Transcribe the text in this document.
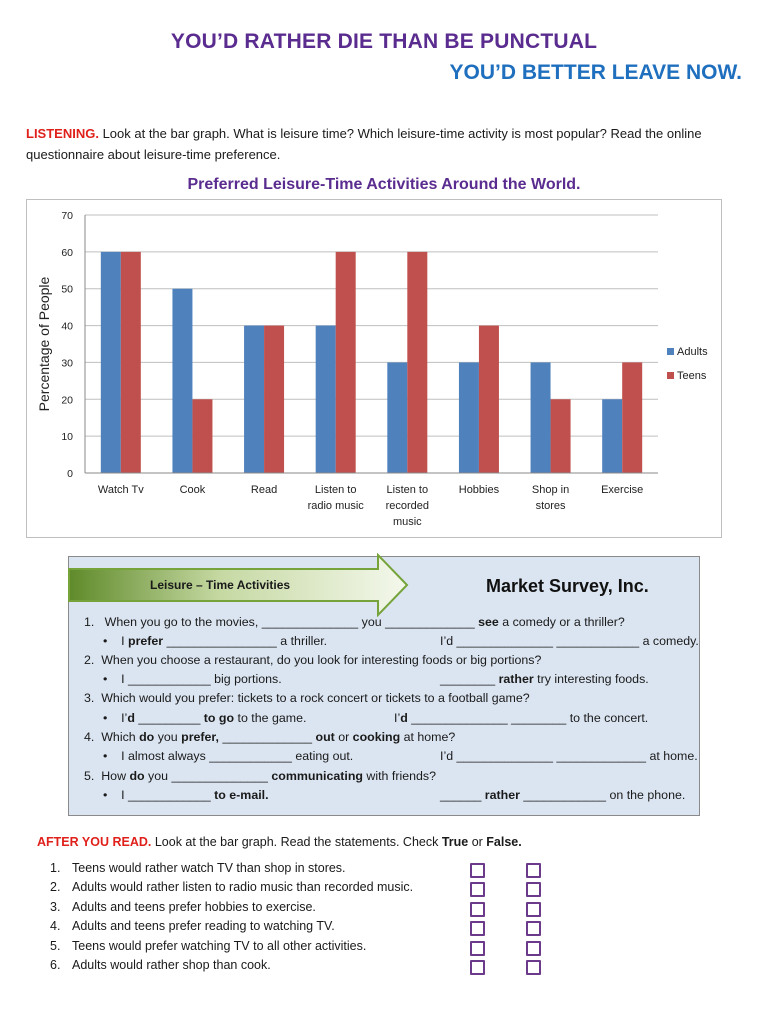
YOU’D RATHER DIE THAN BE PUNCTUAL
YOU’D BETTER LEAVE NOW.
LISTENING. Look at the bar graph. What is leisure time? Which leisure-time activity is most popular? Read the online questionnaire about leisure-time preference.
Preferred Leisure-Time Activities Around the World.
0
10
20
30
40
50
60
70
Percentage of People
Watch Tv	Cook	Read	Listen to
radio music
Listen to
recorded
music
Hobbies	Shop in
stores
Exercise
Adults
Teens
1. When you go to the movies, ______________ you _____________ see a comedy or a thriller?
•    I prefer ________________ a thriller.	I’d ______________ ____________ a comedy.
2. When you choose a restaurant, do you look for interesting foods or big portions?
•    I ____________ big portions.	________ rather try interesting foods.
3. Which would you prefer: tickets to a rock concert or tickets to a football game?
•    I’d _________ to go to the game.	I’d ______________ ________ to the concert.
4. Which do you prefer, _____________ out or cooking at home?
•    I almost always ____________ eating out.	I’d ______________ _____________ at home.
5. How do you ______________ communicating with friends?
•    I ____________ to e-mail.	______ rather ____________ on the phone.
Leisure – Time Activities	Market Survey, Inc.
AFTER YOU READ. Look at the bar graph. Read the statements. Check True or False.
1. Teens would rather watch TV than shop in stores.
2. Adults would rather listen to radio music than recorded music.
3. Adults and teens prefer hobbies to exercise.
4. Adults and teens prefer reading to watching TV.
5. Teens would prefer watching TV to all other activities.
6. Adults would rather shop than cook.
